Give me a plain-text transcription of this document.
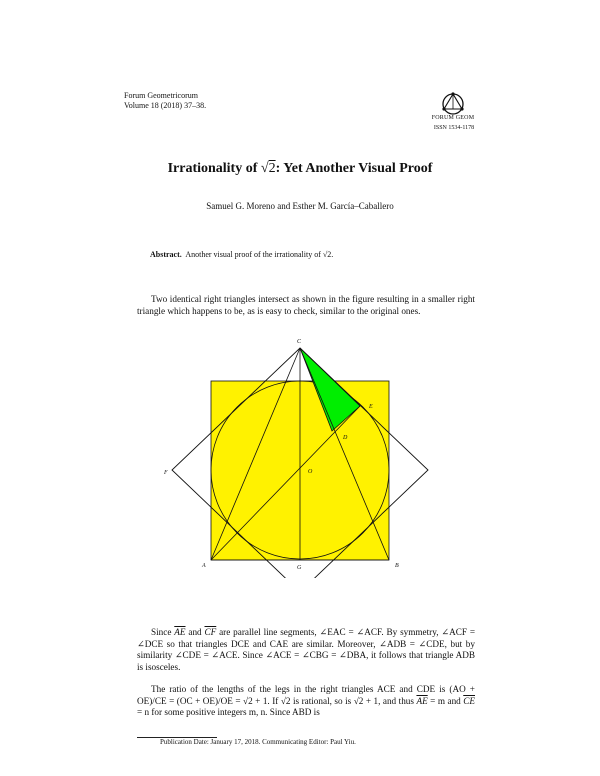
Forum Geometricorum
Volume 18 (2018) 37–38.
FORUM GEOM
ISSN 1534-1178
Irrationality of √2: Yet Another Visual Proof
Samuel G. Moreno and Esther M. García–Caballero
Abstract. Another visual proof of the irrationality of √2.
Two identical right triangles intersect as shown in the figure resulting in a smaller right triangle which happens to be, as is easy to check, similar to the original ones.
C
E
D
F	O
A	G	B
Since $\overline{AE}$ and $\overline{CF}$ are parallel line segments, ∠EAC = ∠ACF. By symmetry, ∠ACF = ∠DCE so that triangles DCE and CAE are similar. Moreover, ∠ADB = ∠CDE, but by similarity ∠CDE = ∠ACE. Since ∠ACE = ∠CBG = ∠DBA, it follows that triangle ADB is isosceles.
The ratio of the lengths of the legs in the right triangles ACE and CDE is (AO + OE)/CE = (OC + OE)/OE = √2 + 1. If √2 is rational, so is √2 + 1, and thus $\overline{AE} = m$ and $\overline{CE} = n$ for some positive integers m, n. Since ABD is
Publication Date: January 17, 2018. Communicating Editor: Paul Yiu.
